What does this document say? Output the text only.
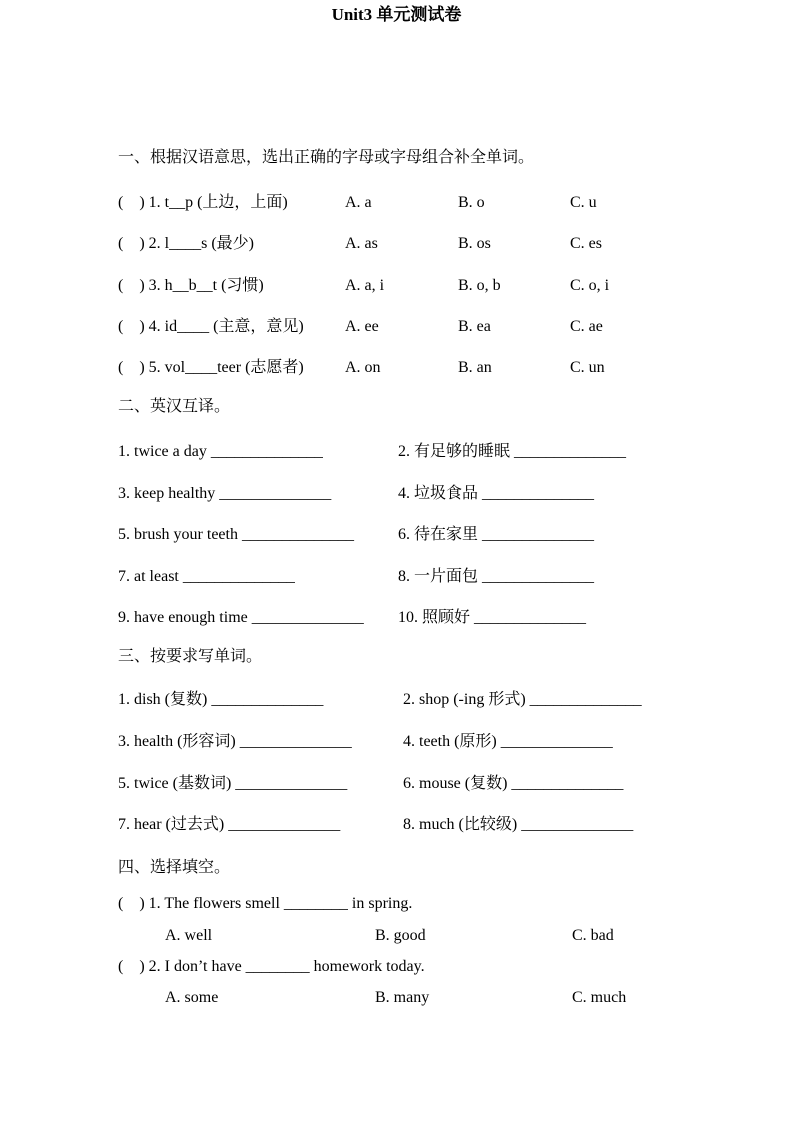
Unit3 单元测试卷
一、根据汉语意思，选出正确的字母或字母组合补全单词。
(　) 1. t__p (上边，上面)	A. a	B. o	C. u
(　) 2. l____s (最少)	A. as	B. os	C. es
(　) 3. h__b__t (习惯)	A. a, i	B. o, b	C. o, i
(　) 4. id____ (主意，意见)	A. ee	B. ea	C. ae
(　) 5. vol____teer (志愿者)	A. on	B. an	C. un
二、英汉互译。
1. twice a day ______________	2. 有足够的睡眠 ______________
3. keep healthy ______________	4. 垃圾食品 ______________
5. brush your teeth ______________	6. 待在家里 ______________
7. at least ______________	8. 一片面包 ______________
9. have enough time ______________ 10. 照顾好 ______________
三、按要求写单词。
1. dish (复数) ______________	2. shop (-ing 形式) ______________
3. health (形容词) ______________	4. teeth (原形) ______________
5. twice (基数词) ______________	6. mouse (复数) ______________
7. hear (过去式) ______________	8. much (比较级) ______________
四、选择填空。
(　) 1. The flowers smell ________ in spring.
A. well	B. good	C. bad
(　) 2. I don’t have ________ homework today.
A. some	B. many	C. much
